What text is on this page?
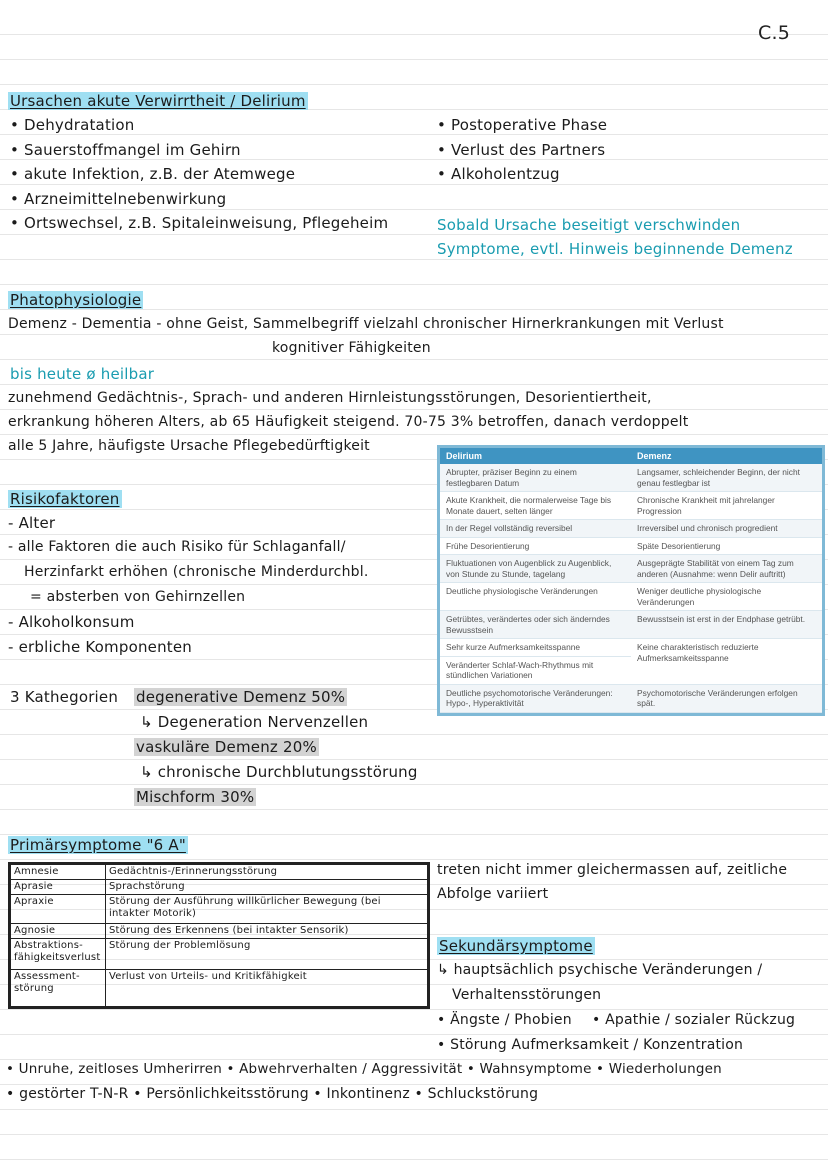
C.5
Ursachen akute Verwirrtheit / Delirium
• Dehydratation
• Sauerstoffmangel im Gehirn
• akute Infektion, z.B. der Atemwege
• Arzneimittelnebenwirkung
• Ortswechsel, z.B. Spitaleinweisung, Pflegeheim
• Postoperative Phase
• Verlust des Partners
• Alkoholentzug
Sobald Ursache beseitigt verschwinden
Symptome, evtl. Hinweis beginnende Demenz
Phatophysiologie
Demenz - Dementia - ohne Geist, Sammelbegriff vielzahl chronischer Hirnerkrankungen mit Verlust
kognitiver Fähigkeiten
bis heute ø heilbar
zunehmend Gedächtnis-, Sprach- und anderen Hirnleistungsstörungen, Desorientiertheit,
erkrankung höheren Alters, ab 65 Häufigkeit steigend. 70-75 3% betroffen, danach verdoppelt
alle 5 Jahre, häufigste Ursache Pflegebedürftigkeit
Delirium	Demenz
Abrupter, präziser Beginn zu einem festlegbaren Datum	Langsamer, schleichender Beginn, der nicht genau festlegbar ist
Akute Krankheit, die normalerweise Tage bis Monate dauert, selten länger	Chronische Krankheit mit jahrelanger Progression
In der Regel vollständig reversibel	Irreversibel und chronisch progredient
Frühe Desorientierung	Späte Desorientierung
Fluktuationen von Augenblick zu Augenblick, von Stunde zu Stunde, tagelang	Ausgeprägte Stabilität von einem Tag zum anderen (Ausnahme: wenn Delir auftritt)
Deutliche physiologische Veränderungen	Weniger deutliche physiologische Veränderungen
Getrübtes, verändertes oder sich änderndes Bewusstsein	Bewusstsein ist erst in der Endphase getrübt.
Sehr kurze Aufmerksamkeitsspanne	Keine charakteristisch reduzierte Aufmerksamkeitsspanne
Veränderter Schlaf-Wach-Rhythmus mit stündlichen Variationen	
Deutliche psychomotorische Veränderungen: Hypo-, Hyperaktivität	Psychomotorische Veränderungen erfolgen spät.
Risikofaktoren
- Alter
- alle Faktoren die auch Risiko für Schlaganfall/
Herzinfarkt erhöhen (chronische Minderdurchbl.
= absterben von Gehirnzellen
- Alkoholkonsum
- erbliche Komponenten
3 Kathegorien degenerative Demenz 50%
↳ Degeneration Nervenzellen
vaskuläre Demenz 20%
↳ chronische Durchblutungsstörung
Mischform 30%
Primärsymptome "6 A"
Amnesie	Gedächtnis-/Erinnerungsstörung
Aprasie	Sprachstörung
Apraxie	Störung der Ausführung willkürlicher Bewegung (bei intakter Motorik)
Agnosie	Störung des Erkennens (bei intakter Sensorik)
Abstraktions-fähigkeitsverlust	Störung der Problemlösung
Assessment-störung	Verlust von Urteils- und Kritikfähigkeit
treten nicht immer gleichermassen auf, zeitliche
Abfolge variiert
Sekundärsymptome
↳ hauptsächlich psychische Veränderungen /
Verhaltensstörungen
• Ängste / Phobien • Apathie / sozialer Rückzug
• Störung Aufmerksamkeit / Konzentration
• Unruhe, zeitloses Umherirren • Abwehrverhalten / Aggressivität • Wahnsymptome • Wiederholungen
• gestörter T-N-R • Persönlichkeitsstörung • Inkontinenz • Schluckstörung
